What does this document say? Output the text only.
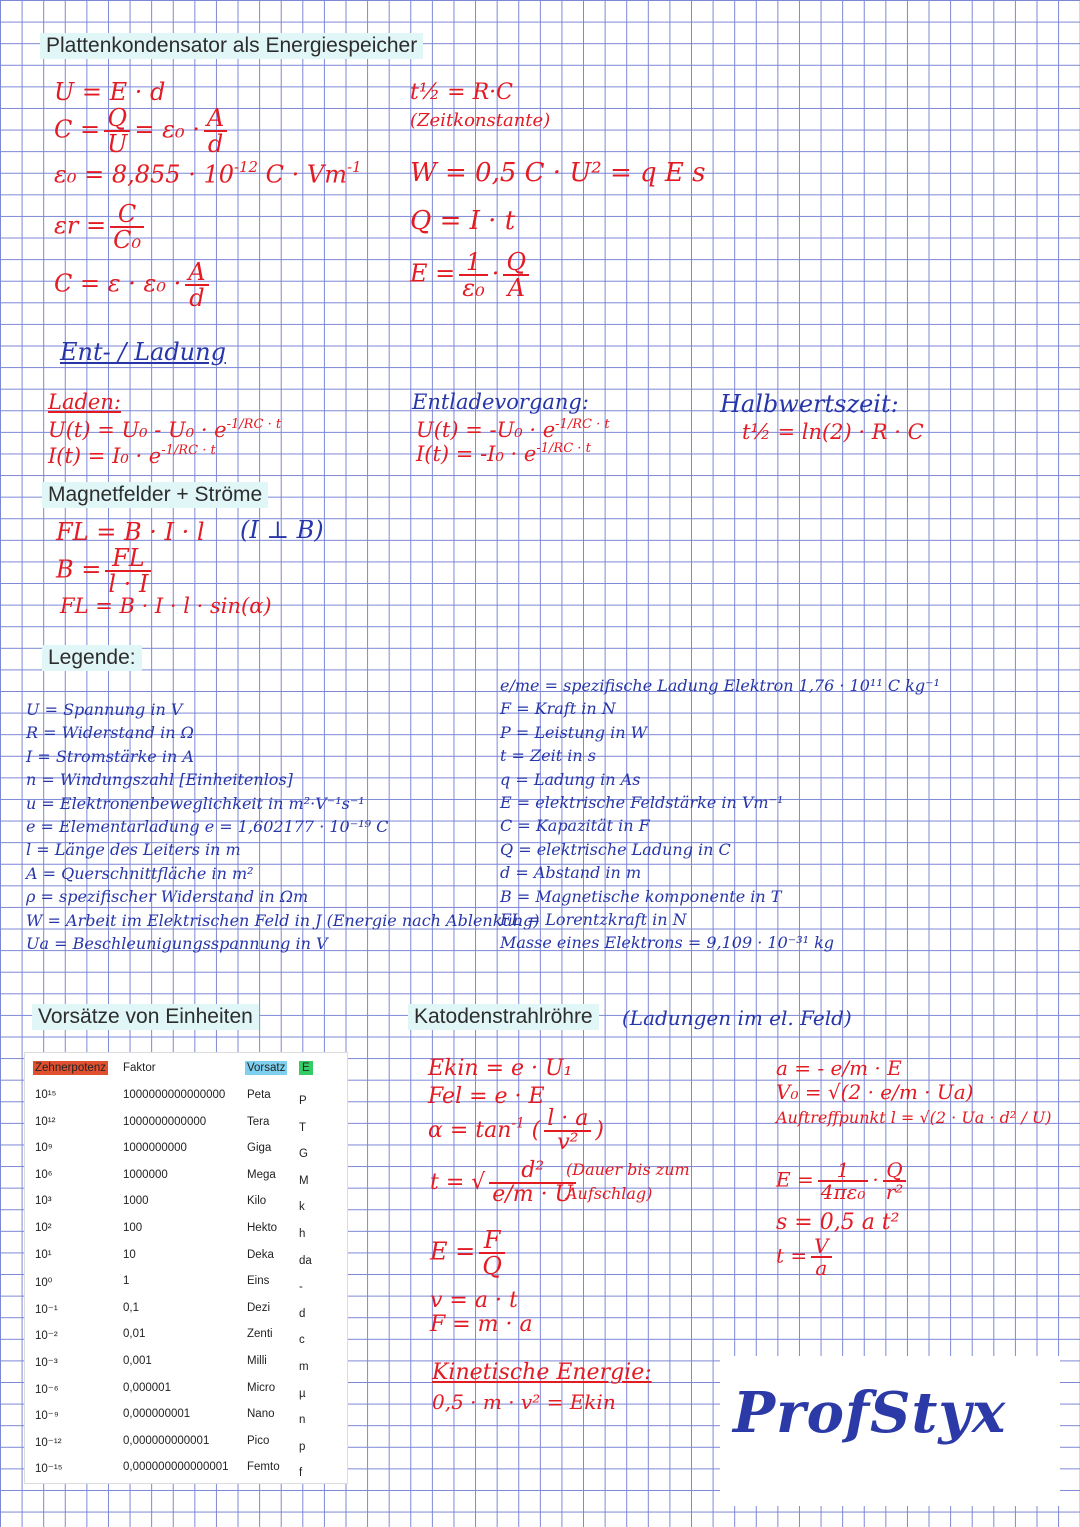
Plattenkondensator als Energiespeicher
U = E · d
$C = \frac{Q}{U} = \varepsilon_0 \cdot \frac{A}{d}$
$\varepsilon_0 = 8,855 \cdot 10^{-12}$ $C \cdot Vm^{-1}$
$\varepsilon r = \frac{C}{\text{C₀}}$
$C = \varepsilon \cdot \varepsilon_0 \cdot \frac{A}{d}$
t½ = R·C
(Zeitkonstante)
W = 0,5 C · U² = q E s
Q = I · t
$E = \frac{1}{\text{ε₀}} \cdot \frac{Q}{A}$
Ent- / Ladung
Laden:
$U(t) = U_0 - U_0 \cdot e^{-1/RC \cdot t}$
$I(t) = I_0 \cdot e^{-1/RC \cdot t}$
Entladevorgang:
$U(t) = -U_0 \cdot e^{-1/RC \cdot t}$
$I(t) = -I_0 \cdot e^{-1/RC \cdot t}$
Halbwertszeit:
t½ = ln(2) · R · C
Magnetfelder + Ströme
FL = B · I · l (I ⊥ B)
$B = \frac{FL}{l \cdot I}$
FL = B · I · l · sin(α)
Legende:
U = Spannung in V
R = Widerstand in Ω
I = Stromstärke in A
n = Windungszahl [Einheitenlos]
u = Elektronenbeweglichkeit in m²·V⁻¹s⁻¹
e = Elementarladung e = 1,602177 · 10⁻¹⁹ C
l = Länge des Leiters in m
A = Querschnittfläche in m²
ρ = spezifischer Widerstand in Ωm
W = Arbeit im Elektrischen Feld in J (Energie nach Ablenkung)
Ua = Beschleunigungsspannung in V
e/me = spezifische Ladung Elektron 1,76 · 10¹¹ C kg⁻¹
F = Kraft in N
P = Leistung in W
t = Zeit in s
q = Ladung in As
E = elektrische Feldstärke in Vm⁻¹
C = Kapazität in F
Q = elektrische Ladung in C
d = Abstand in m
B = Magnetische komponente in T
FL = Lorentzkraft in N
Masse eines Elektrons = 9,109 · 10⁻³¹ kg
Vorsätze von Einheiten
Zehnerpotenz Faktor	Vorsatz E
10¹⁵	1000000000000000 Peta P
10¹²	1000000000000	Tera	T
10⁹	1000000000	Giga G
10⁶	1000000	Mega M
10³	1000	Kilo	k
10²	100	Hekto h
10¹	10	Deka da
10⁰	1	Eins	-
10⁻¹	0,1	Dezi	d
10⁻²	0,01	Zenti c
10⁻³	0,001	Milli	m
10⁻⁶	0,000001	Micro µ
10⁻⁹	0,000000001	Nano n
10⁻¹²	0,000000000001	Pico	p
10⁻¹⁵	0,000000000000001 Femto f
Katodenstrahlröhre	(Ladungen im el. Feld)
Ekin = e · U₁
Fel = e · E
$\alpha = \tan^{-1}$ ( $\frac{l \cdot a}{\text{v²}}$ )
t = √ $\frac{\text{d²}}{e/m \cdot U}$
(Dauer bis zum
Aufschlag)
$E = \frac{F}{Q}$
v = a · t
F = m · a
Kinetische Energie:
0,5 · m · v² = Ekin
a = - e/m · E
V₀ = √(2 · e/m · Ua)
Auftreffpunkt l = √(2 · Ua · d² / U)
$E = \frac{1}{\text{4πε₀}} \cdot \frac{Q}{\text{r²}}$
s = 0,5 a t²
$t = \frac{V}{a}$
ProfStyx
